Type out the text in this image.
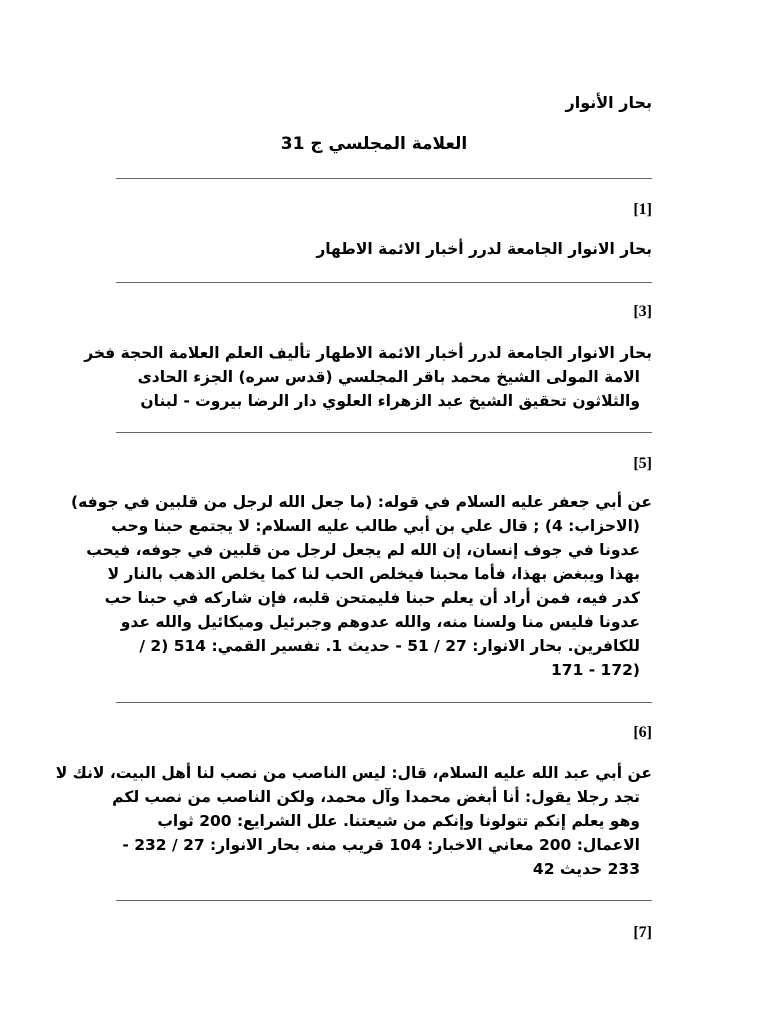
بحار الأنوار
العلامة المجلسي ج 31
[1]
بحار الانوار الجامعة لدرر أخبار الائمة الاطهار
[3]
بحار الانوار الجامعة لدرر أخبار الائمة الاطهار تأليف العلم العلامة الحجة فخر
الامة المولى الشيخ محمد باقر المجلسي (قدس سره) الجزء الحادى
والثلاثون تحقيق الشيخ عبد الزهراء العلوي دار الرضا بيروت - لبنان
[5]
عن أبي جعفر عليه السلام في قوله: (ما جعل الله لرجل من قلبين في جوفه)
(الاحزاب: 4) ; قال علي بن أبي طالب عليه السلام: لا يجتمع حبنا وحب
عدونا في جوف إنسان، إن الله لم يجعل لرجل من قلبين في جوفه، فيحب
بهذا ويبغض بهذا، فأما محبنا فيخلص الحب لنا كما يخلص الذهب بالنار لا
كدر فيه، فمن أراد أن يعلم حبنا فليمتحن قلبه، فإن شاركه في حبنا حب
عدونا فليس منا ولسنا منه، والله عدوهم وجبرئيل وميكائيل والله عدو
للكافرين. بحار الانوار: 27 / 51 - حديث 1. تفسير القمي: 514 (2 /
(172 - 171
[6]
عن أبي عبد الله عليه السلام، قال: ليس الناصب من نصب لنا أهل البيت، لانك لا
تجد رجلا يقول: أنا أبغض محمدا وآل محمد، ولكن الناصب من نصب لكم
وهو يعلم إنكم تتولونا وإنكم من شيعتنا. علل الشرايع: 200 ثواب
الاعمال: 200 معاني الاخبار: 104 قريب منه. بحار الانوار: 27 / 232 -
233 حديث 42
[7]
